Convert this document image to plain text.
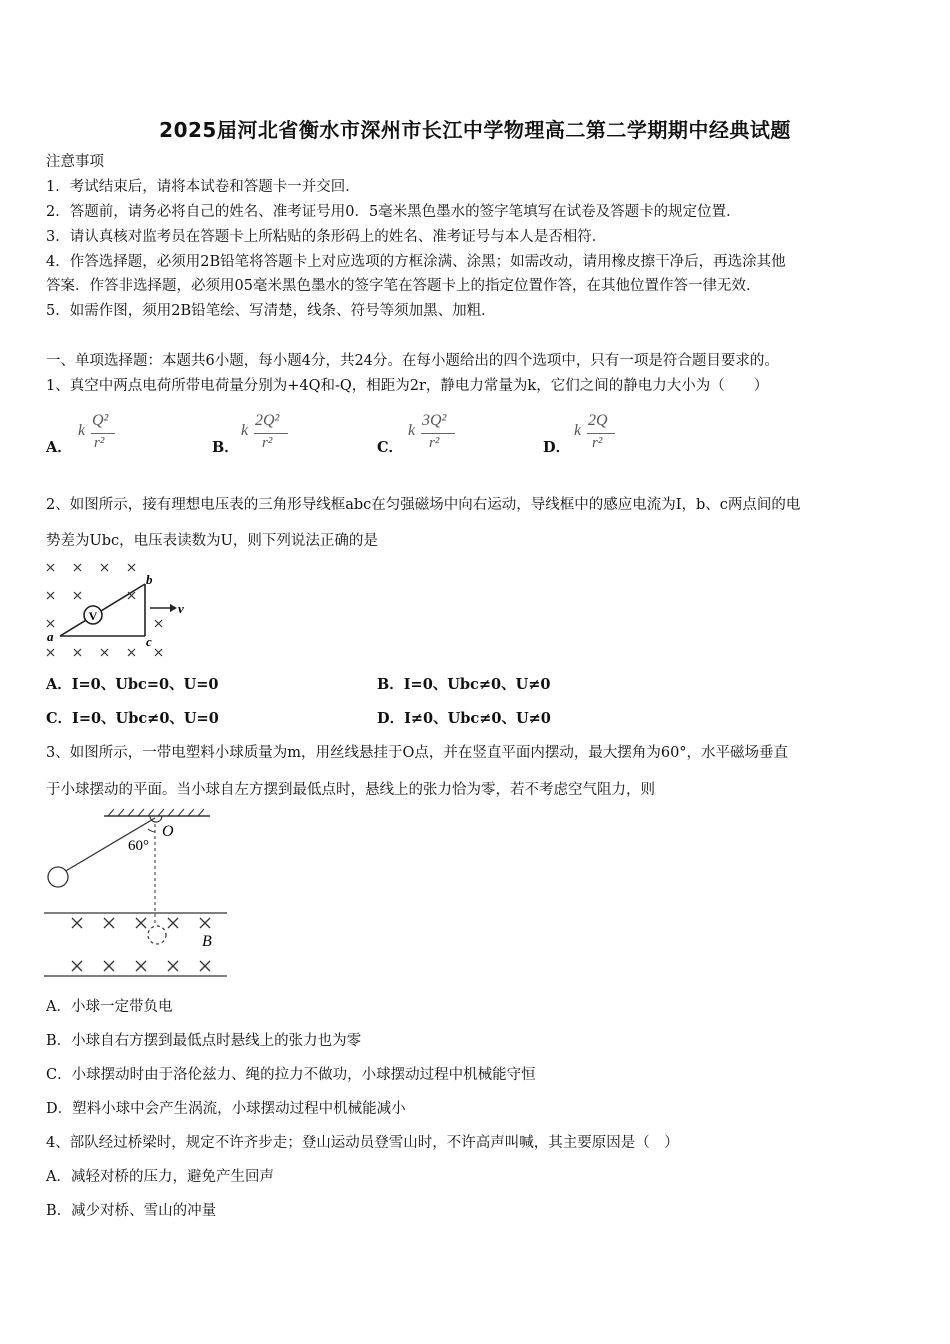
2025届河北省衡水市深州市长江中学物理高二第二学期期中经典试题
注意事项
1．考试结束后，请将本试卷和答题卡一并交回．
2．答题前，请务必将自己的姓名、准考证号用0．5毫米黑色墨水的签字笔填写在试卷及答题卡的规定位置．
3．请认真核对监考员在答题卡上所粘贴的条形码上的姓名、准考证号与本人是否相符．
4．作答选择题，必须用2B铅笔将答题卡上对应选项的方框涂满、涂黑；如需改动，请用橡皮擦干净后，再选涂其他
答案．作答非选择题，必须用05毫米黑色墨水的签字笔在答题卡上的指定位置作答，在其他位置作答一律无效．
5．如需作图，须用2B铅笔绘、写清楚，线条、符号等须加黑、加粗．
一、单项选择题：本题共6小题，每小题4分，共24分。在每小题给出的四个选项中，只有一项是符合题目要求的。
1、真空中两点电荷所带电荷量分别为+4Q和-Q，相距为2r，静电力常量为k，它们之间的静电力大小为（　　）
A．
k
Q²
r²	B．
k
2Q²
r²	C．
k
3Q²
r²	D．
k
2Q
r²
2、如图所示，接有理想电压表的三角形导线框abc在匀强磁场中向右运动，导线框中的感应电流为I，b、c两点间的电
势差为Ubc，电压表读数为U，则下列说法正确的是
V	v
b
a	c
A．I=0、Ubc=0、U=0	B．I=0、Ubc≠0、U≠0
C．I=0、Ubc≠0、U=0	D．I≠0、Ubc≠0、U≠0
3、如图所示，一带电塑料小球质量为m，用丝线悬挂于O点，并在竖直平面内摆动，最大摆角为60°，水平磁场垂直
于小球摆动的平面。当小球自左方摆到最低点时，悬线上的张力恰为零，若不考虑空气阻力，则
O
60°
B
A．小球一定带负电
B．小球自右方摆到最低点时悬线上的张力也为零
C．小球摆动时由于洛伦兹力、绳的拉力不做功，小球摆动过程中机械能守恒
D．塑料小球中会产生涡流，小球摆动过程中机械能减小
4、部队经过桥梁时，规定不许齐步走；登山运动员登雪山时，不许高声叫喊，其主要原因是（　）
A．减轻对桥的压力，避免产生回声
B．减少对桥、雪山的冲量
